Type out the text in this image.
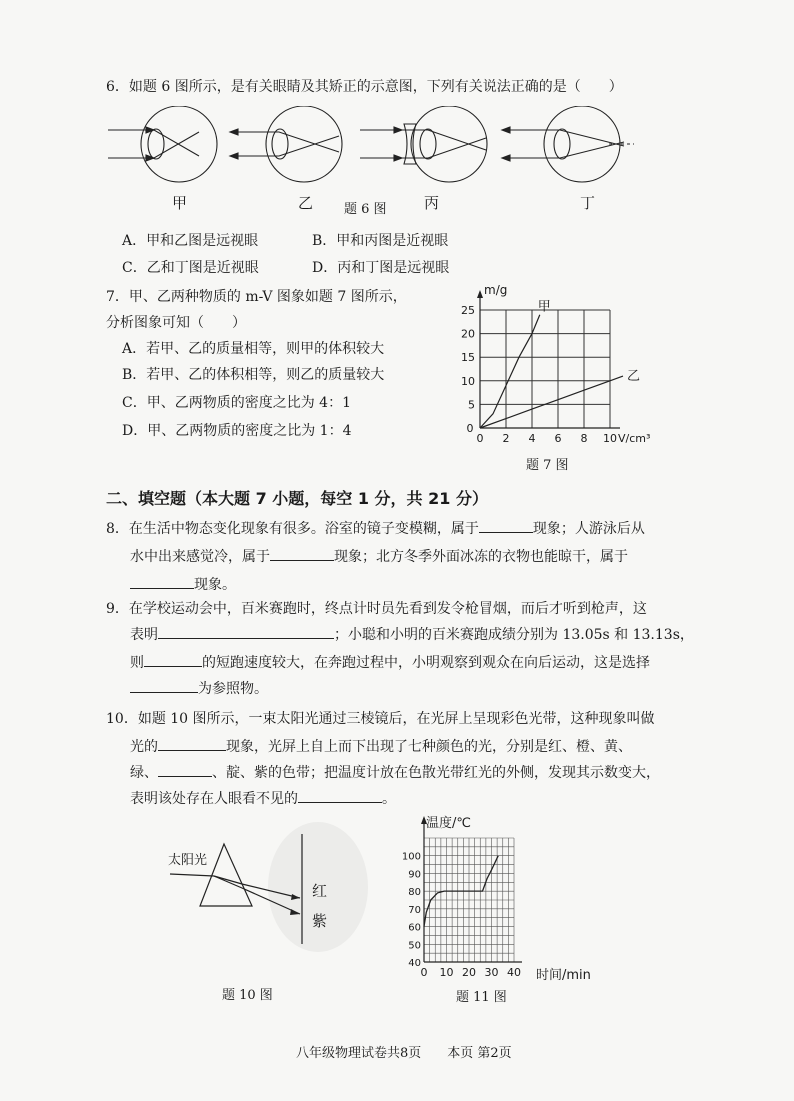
6．如题 6 图所示，是有关眼睛及其矫正的示意图，下列有关说法正确的是（　　）
甲	乙	丙	丁
题 6 图
A．甲和乙图是远视眼	B．甲和丙图是近视眼
C．乙和丁图是近视眼	D．丙和丁图是远视眼
7．甲、乙两种物质的 m-V 图象如题 7 图所示，
分析图象可知（　　）
A．若甲、乙的质量相等，则甲的体积较大
B．若甲、乙的体积相等，则乙的质量较大
C．甲、乙两物质的密度之比为 4：1
D．甲、乙两物质的密度之比为 1：4	0 2 4 6 8 10
5
10
15
20
25
m/g
V/cm³
甲
乙
0
题 7 图
二、填空题（本大题 7 小题，每空 1 分，共 21 分）
8．在生活中物态变化现象有很多。浴室的镜子变模糊，属于	现象；人游泳后从
水中出来感觉冷，属于	现象；北方冬季外面冰冻的衣物也能晾干，属于
现象。
9．在学校运动会中，百米赛跑时，终点计时员先看到发令枪冒烟，而后才听到枪声，这
表明	；小聪和小明的百米赛跑成绩分别为 13.05s 和 13.13s，
则	的短跑速度较大，在奔跑过程中，小明观察到观众在向后运动，这是选择
为参照物。
10．如题 10 图所示，一束太阳光通过三棱镜后，在光屏上呈现彩色光带，这种现象叫做
光的	现象，光屏上自上而下出现了七种颜色的光，分别是红、橙、黄、
绿、	、靛、紫的色带；把温度计放在色散光带红光的外侧，发现其示数变大，
表明该处存在人眼看不见的	。
太阳光
红
紫
题 10 图
温度/℃
0 10 20 30 40
40
50
60
70
80
90
100
时间/min
题 11 图
八年级物理试卷共8页　　本页 第2页
